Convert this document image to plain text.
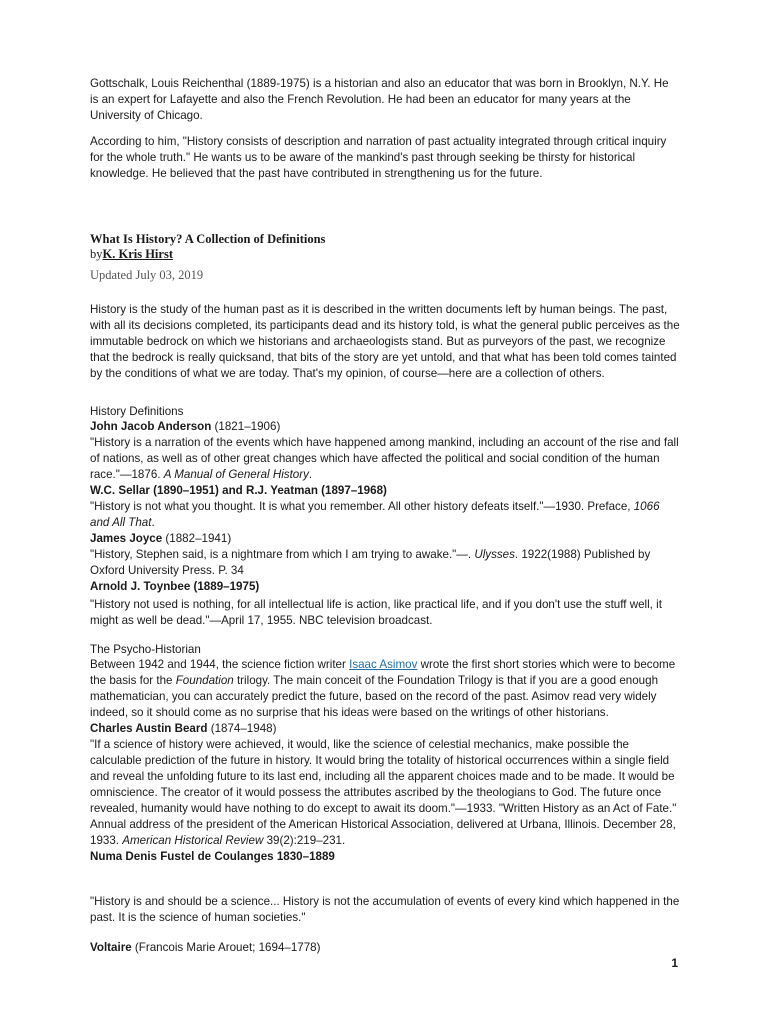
Gottschalk, Louis Reichenthal (1889-1975) is a historian and also an educator that was born in Brooklyn, N.Y. He is an expert for Lafayette and also the French Revolution. He had been an educator for many years at the University of Chicago.

According to him, "History consists of description and narration of past actuality integrated through critical inquiry for the whole truth." He wants us to be aware of the mankind's past through seeking be thirsty for historical knowledge. He believed that the past have contributed in strengthening us for the future.

What Is History? A Collection of Definitions
byK. Kris Hirst
Updated July 03, 2019

History is the study of the human past as it is described in the written documents left by human beings. The past, with all its decisions completed, its participants dead and its history told, is what the general public perceives as the immutable bedrock on which we historians and archaeologists stand. But as purveyors of the past, we recognize that the bedrock is really quicksand, that bits of the story are yet untold, and that what has been told comes tainted by the conditions of what we are today. That's my opinion, of course—here are a collection of others.

History Definitions

John Jacob Anderson (1821–1906)

"History is a narration of the events which have happened among mankind, including an account of the rise and fall of nations, as well as of other great changes which have affected the political and social condition of the human race."—1876. A Manual of General History.

W.C. Sellar (1890–1951) and R.J. Yeatman (1897–1968)

"History is not what you thought. It is what you remember. All other history defeats itself."—1930. Preface, 1066 and All That.

James Joyce (1882–1941)

"History, Stephen said, is a nightmare from which I am trying to awake."—. Ulysses. 1922(1988) Published by Oxford University Press. P. 34

Arnold J. Toynbee (1889–1975)

"History not used is nothing, for all intellectual life is action, like practical life, and if you don't use the stuff well, it might as well be dead."—April 17, 1955. NBC television broadcast.

The Psycho-Historian

Between 1942 and 1944, the science fiction writer Isaac Asimov wrote the first short stories which were to become the basis for the Foundation trilogy. The main conceit of the Foundation Trilogy is that if you are a good enough mathematician, you can accurately predict the future, based on the record of the past. Asimov read very widely indeed, so it should come as no surprise that his ideas were based on the writings of other historians.

Charles Austin Beard (1874–1948)

"If a science of history were achieved, it would, like the science of celestial mechanics, make possible the calculable prediction of the future in history. It would bring the totality of historical occurrences within a single field and reveal the unfolding future to its last end, including all the apparent choices made and to be made. It would be omniscience. The creator of it would possess the attributes ascribed by the theologians to God. The future once revealed, humanity would have nothing to do except to await its doom."—1933. "Written History as an Act of Fate." Annual address of the president of the American Historical Association, delivered at Urbana, Illinois. December 28, 1933. American Historical Review 39(2):219–231.

Numa Denis Fustel de Coulanges 1830–1889

"History is and should be a science... History is not the accumulation of events of every kind which happened in the past. It is the science of human societies."

Voltaire (Francois Marie Arouet; 1694–1778)

1
